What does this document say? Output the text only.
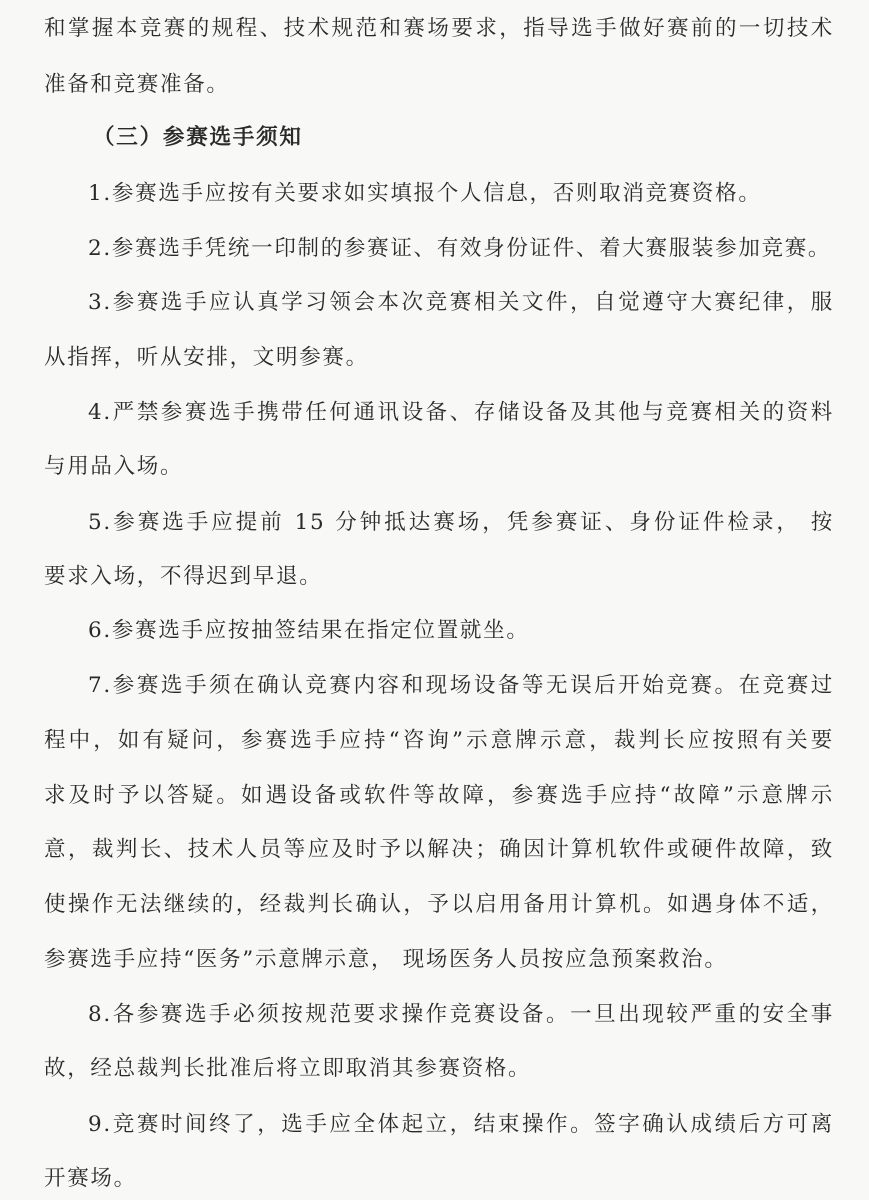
和掌握本竞赛的规程、技术规范和赛场要求，指导选手做好赛前的一切技术
准备和竞赛准备。
（三）参赛选手须知
1.参赛选手应按有关要求如实填报个人信息，否则取消竞赛资格。
2.参赛选手凭统一印制的参赛证、有效身份证件、着大赛服装参加竞赛。
3.参赛选手应认真学习领会本次竞赛相关文件，自觉遵守大赛纪律，服
从指挥，听从安排，文明参赛。
4.严禁参赛选手携带任何通讯设备、存储设备及其他与竞赛相关的资料
与用品入场。
5.参赛选手应提前 15 分钟抵达赛场，凭参赛证、身份证件检录， 按
要求入场，不得迟到早退。
6.参赛选手应按抽签结果在指定位置就坐。
7.参赛选手须在确认竞赛内容和现场设备等无误后开始竞赛。在竞赛过
程中，如有疑问，参赛选手应持“咨询”示意牌示意，裁判长应按照有关要
求及时予以答疑。如遇设备或软件等故障，参赛选手应持“故障”示意牌示
意，裁判长、技术人员等应及时予以解决；确因计算机软件或硬件故障，致
使操作无法继续的，经裁判长确认，予以启用备用计算机。如遇身体不适，
参赛选手应持“医务”示意牌示意， 现场医务人员按应急预案救治。
8.各参赛选手必须按规范要求操作竞赛设备。一旦出现较严重的安全事
故，经总裁判长批准后将立即取消其参赛资格。
9.竞赛时间终了，选手应全体起立，结束操作。签字确认成绩后方可离
开赛场。
